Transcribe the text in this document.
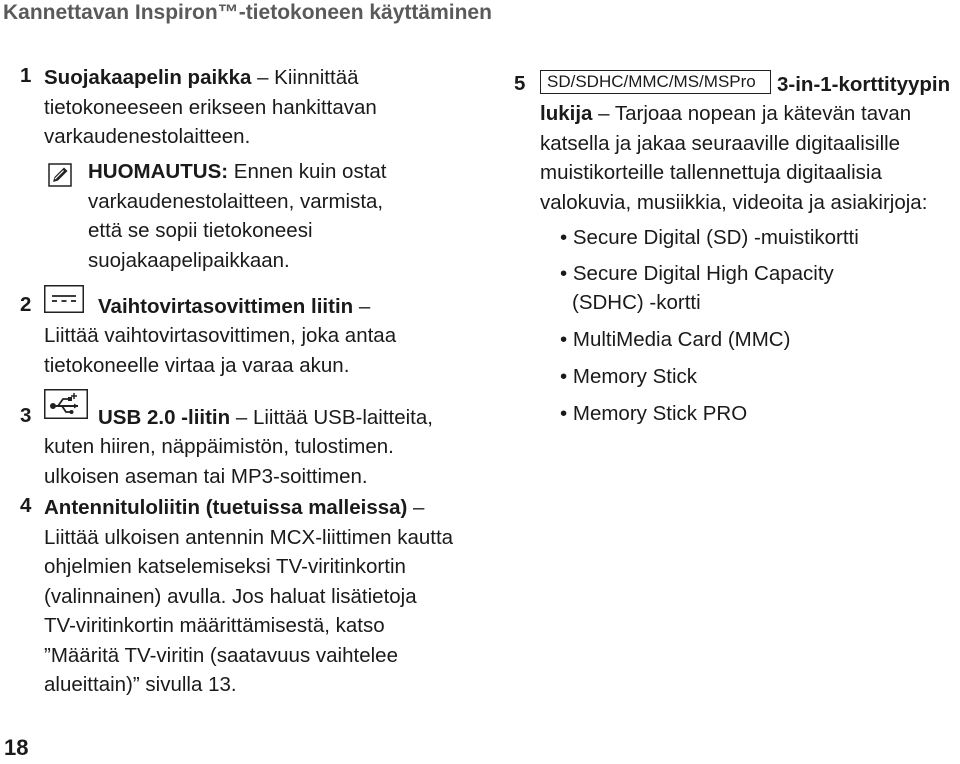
Kannettavan Inspiron™-tietokoneen käyttäminen
1 Suojakaapelin paikka – Kiinnittää
tietokoneeseen erikseen hankittavan
varkaudenestolaitteen.
HUOMAUTUS: Ennen kuin ostat
varkaudenestolaitteen, varmista,
että se sopii tietokoneesi
suojakaapelipaikkaan.
2	Vaihtovirtasovittimen liitin –
Liittää vaihtovirtasovittimen, joka antaa
tietokoneelle virtaa ja varaa akun.
3	USB 2.0 -liitin – Liittää USB-laitteita,
kuten hiiren, näppäimistön, tulostimen.
ulkoisen aseman tai MP3-soittimen.
4 Antennituloliitin (tuetuissa malleissa) –
Liittää ulkoisen antennin MCX-liittimen kautta
ohjelmien katselemiseksi TV-viritinkortin
(valinnainen) avulla. Jos haluat lisätietoja
TV-viritinkortin määrittämisestä, katso
”Määritä TV-viritin (saatavuus vaihtelee
alueittain)” sivulla 13.
5	SD/SDHC/MMC/MS/MSPro	3-in-1-korttityypin
lukija – Tarjoaa nopean ja kätevän tavan
katsella ja jakaa seuraaville digitaalisille
muistikorteille tallennettuja digitaalisia
valokuvia, musiikkia, videoita ja asiakirjoja:
• Secure Digital (SD) -muistikortti
• Secure Digital High Capacity
(SDHC) -kortti
• MultiMedia Card (MMC)
• Memory Stick
• Memory Stick PRO
18
